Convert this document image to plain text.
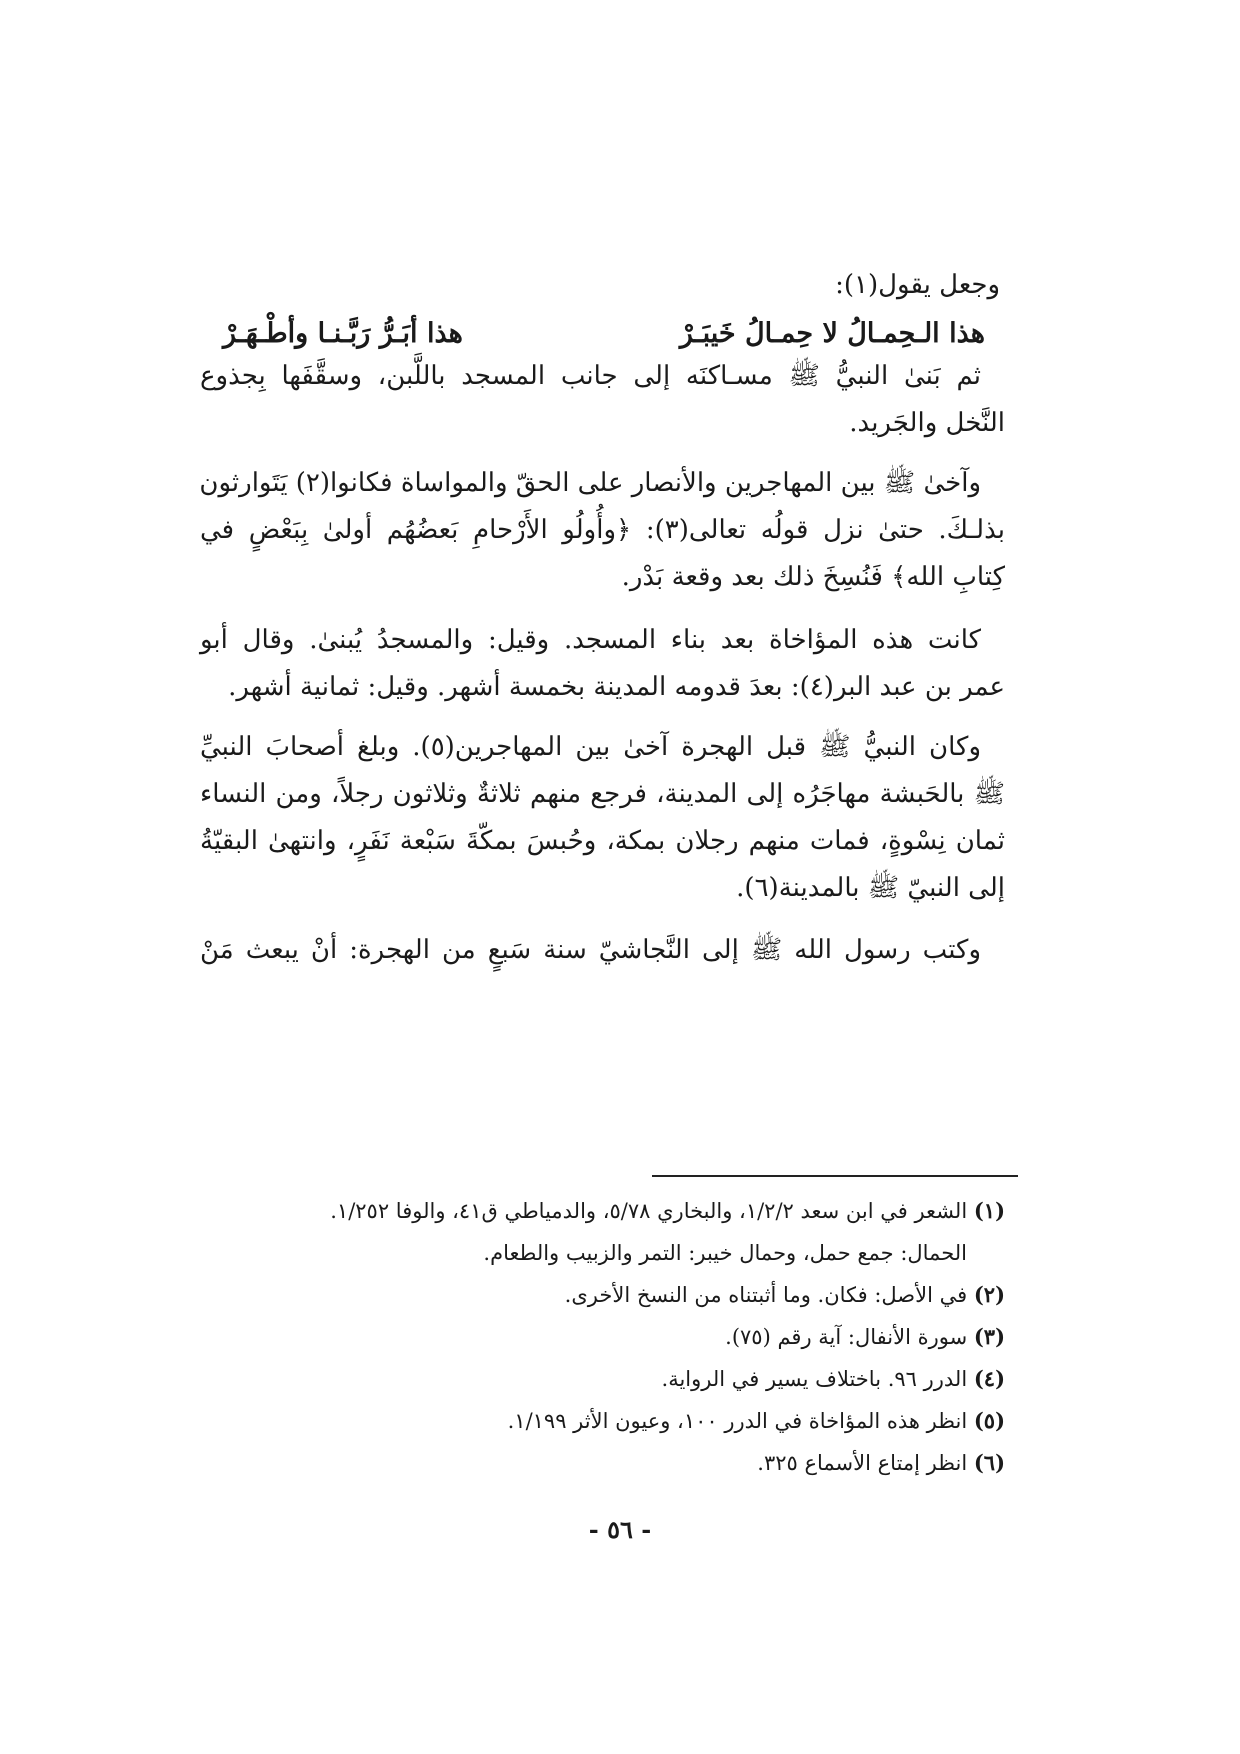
وجعل يقول(١):
هذا الـحِمـالُ لا حِمـالُ خَيبَـرْ
هذا أبَـرُّ رَبَّـنـا وأطْـهَـرْ
ثم بَنىٰ النبيُّ ﷺ مسـاكنَه إلى جانب المسجد باللَّبن، وسقَّفَها بِجذوع
النَّخل والجَريد.
وآخىٰ ﷺ بين المهاجرين والأنصار على الحقّ والمواساة فكانوا(٢) يَتَوارثون
بذلـكَ. حتىٰ نزل قولُه تعالى(٣): ﴿وأُولُو الأَرْحامِ بَعضُهُم أولىٰ بِبَعْضٍ في
كِتابِ الله﴾ فَنُسِخَ ذلك بعد وقعة بَدْر.
كانت هذه المؤاخاة بعد بناء المسجد. وقيل: والمسجدُ يُبنىٰ. وقال أبو
عمر بن عبد البر(٤): بعدَ قدومه المدينة بخمسة أشهر. وقيل: ثمانية أشهر.
وكان النبيُّ ﷺ قبل الهجرة آخىٰ بين المهاجرين(٥). وبلغ أصحابَ النبيِّ
ﷺ بالحَبشة مهاجَرُه إلى المدينة، فرجع منهم ثلاثةٌ وثلاثون رجلاً، ومن النساء
ثمان نِسْوةٍ، فمات منهم رجلان بمكة، وحُبسَ بمكّةَ سَبْعة نَفَرٍ، وانتهىٰ البقيّةُ
إلى النبيّ ﷺ بالمدينة(٦).
وكتب رسول الله ﷺ إلى النَّجاشيّ سنة سَبعٍ من الهجرة: أنْ يبعث مَنْ
(١) الشعر في ابن سعد ١/٢/٢، والبخاري ٥/٧٨، والدمياطي ق٤١، والوفا ١/٢٥٢.
الحمال: جمع حمل، وحمال خيبر: التمر والزبيب والطعام.
(٢) في الأصل: فكان. وما أثبتناه من النسخ الأخرى.
(٣) سورة الأنفال: آية رقم (٧٥).
(٤) الدرر ٩٦. باختلاف يسير في الرواية.
(٥) انظر هذه المؤاخاة في الدرر ١٠٠، وعيون الأثر ١/١٩٩.
(٦) انظر إمتاع الأسماع ٣٢٥.
- ٥٦ -
